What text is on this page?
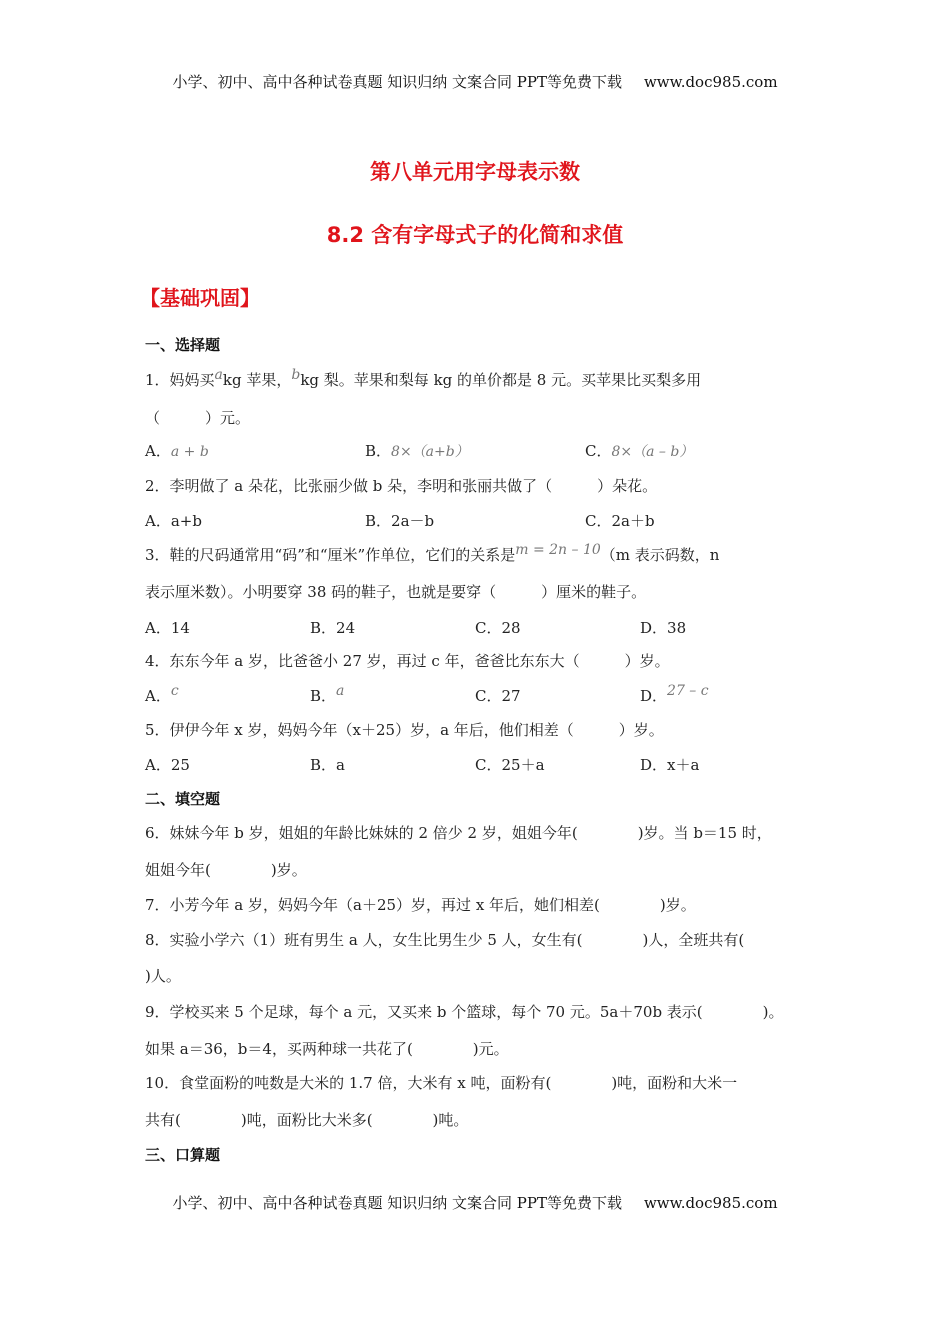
小学、初中、高中各种试卷真题 知识归纳 文案合同 PPT等免费下载 www.doc985.com
第八单元用字母表示数
8.2 含有字母式子的化简和求值
【基础巩固】
一、选择题
1．妈妈买akg 苹果，bkg 梨。苹果和梨每 kg 的单价都是 8 元。买苹果比买梨多用
（　　　）元。
A．a + b	B．8×（a+b）	C．8×（a – b）
2．李明做了 a 朵花，比张丽少做 b 朵，李明和张丽共做了（　　　）朵花。
A．a+b	B．2a－b	C．2a＋b
3．鞋的尺码通常用“码”和“厘米”作单位，它们的关系是m = 2n – 10（m 表示码数，n
表示厘米数）。小明要穿 38 码的鞋子，也就是要穿（　　　）厘米的鞋子。
A．14	B．24	C．28	D．38
4．东东今年 a 岁，比爸爸小 27 岁，再过 c 年，爸爸比东东大（　　　）岁。
A．c	B．a	C．27	D．27 – c
5．伊伊今年 x 岁，妈妈今年（x＋25）岁，a 年后，他们相差（　　　）岁。
A．25	B．a	C．25＋a	D．x＋a
二、填空题
6．妹妹今年 b 岁，姐姐的年龄比妹妹的 2 倍少 2 岁，姐姐今年(　　　　)岁。当 b＝15 时，
姐姐今年(　　　　)岁。
7．小芳今年 a 岁，妈妈今年（a＋25）岁，再过 x 年后，她们相差(　　　　)岁。
8．实验小学六（1）班有男生 a 人，女生比男生少 5 人，女生有(　　　　)人，全班共有(
)人。
9．学校买来 5 个足球，每个 a 元，又买来 b 个篮球，每个 70 元。5a＋70b 表示(　　　　)。
如果 a＝36，b＝4，买两种球一共花了(　　　　)元。
10．食堂面粉的吨数是大米的 1.7 倍，大米有 x 吨，面粉有(　　　　)吨，面粉和大米一
共有(　　　　)吨，面粉比大米多(　　　　)吨。
三、口算题
小学、初中、高中各种试卷真题 知识归纳 文案合同 PPT等免费下载 www.doc985.com
